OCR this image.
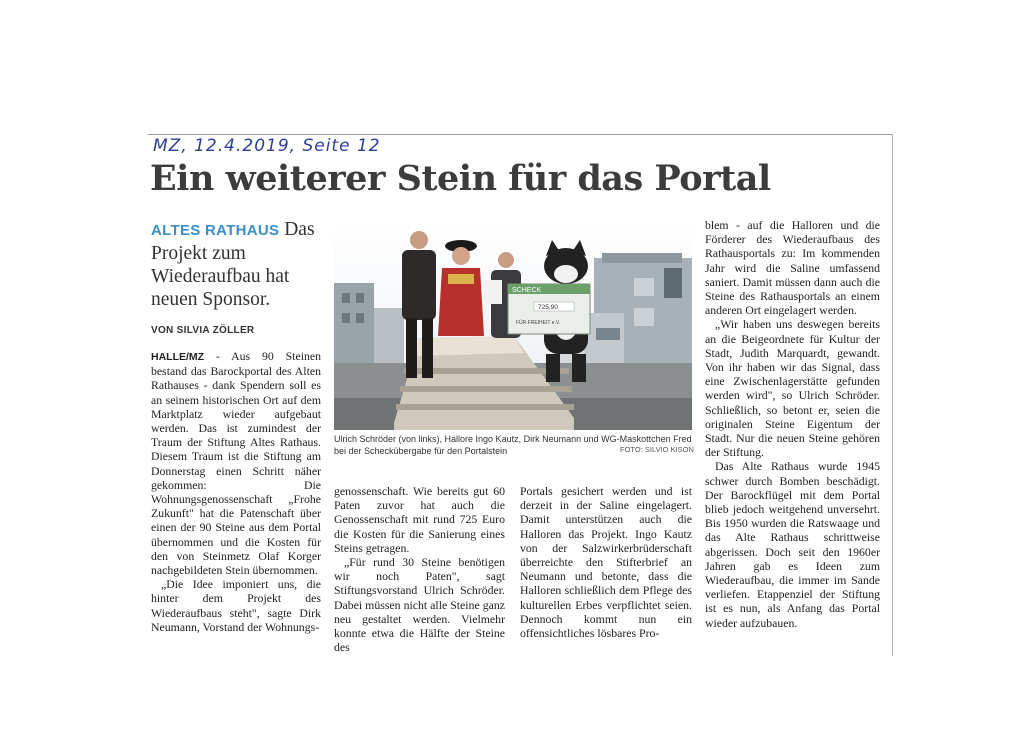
MZ, 12.4.2019, Seite 12
Ein weiterer Stein für das Portal
ALTES RATHAUS Das Projekt zum Wiederaufbau hat neuen Sponsor.
VON SILVIA ZÖLLER

HALLE/MZ - Aus 90 Steinen bestand das Barockportal des Alten Rathauses - dank Spendern soll es an seinem historischen Ort auf dem Marktplatz wieder aufgebaut werden. Das ist zumindest der Traum der Stiftung Altes Rathaus. Diesem Traum ist die Stiftung am Donnerstag einen Schritt näher gekommen: Die Wohnungsgenossenschaft „Frohe Zukunft" hat die Patenschaft über einen der 90 Steine aus dem Portal übernommen und die Kosten für den von Steinmetz Olaf Korger nachgebildeten Stein übernommen.

„Die Idee imponiert uns, die hinter dem Projekt des Wiederaufbaus steht", sagte Dirk Neumann, Vorstand der Wohnungs-

SCHECK
725,90
FÜR FREIHEIT e.V.
Ulrich Schröder (von links), Hallore Ingo Kautz, Dirk Neumann und WG-Maskottchen Fred bei der Scheckübergabe für den Portalstein	FOTO: SILVIO KISON

genossenschaft. Wie bereits gut 60 Paten zuvor hat auch die Genossenschaft mit rund 725 Euro die Kosten für die Sanierung eines Steins getragen.

„Für rund 30 Steine benötigen wir noch Paten", sagt Stiftungsvorstand Ulrich Schröder. Dabei müssen nicht alle Steine ganz neu gestaltet werden. Vielmehr konnte etwa die Hälfte der Steine des

Portals gesichert werden und ist derzeit in der Saline eingelagert. Damit unterstützen auch die Halloren das Projekt. Ingo Kautz von der Salzwirkerbrüderschaft überreichte den Stifterbrief an Neumann und betonte, dass die Halloren schließlich dem Pflege des kulturellen Erbes verpflichtet seien. Dennoch kommt nun ein offensichtliches lösbares Pro-

blem - auf die Halloren und die Förderer des Wiederaufbaus des Rathausportals zu: Im kommenden Jahr wird die Saline umfassend saniert. Damit müssen dann auch die Steine des Rathausportals an einem anderen Ort eingelagert werden.

„Wir haben uns deswegen bereits an die Beigeordnete für Kultur der Stadt, Judith Marquardt, gewandt. Von ihr haben wir das Signal, dass eine Zwischenlagerstätte gefunden werden wird", so Ulrich Schröder. Schließlich, so betont er, seien die originalen Steine Eigentum der Stadt. Nur die neuen Steine gehören der Stiftung.

Das Alte Rathaus wurde 1945 schwer durch Bomben beschädigt. Der Barockflügel mit dem Portal blieb jedoch weitgehend unversehrt. Bis 1950 wurden die Ratswaage und das Alte Rathaus schrittweise abgerissen. Doch seit den 1960er Jahren gab es Ideen zum Wiederaufbau, die immer im Sande verliefen. Etappenziel der Stiftung ist es nun, als Anfang das Portal wieder aufzubauen.
